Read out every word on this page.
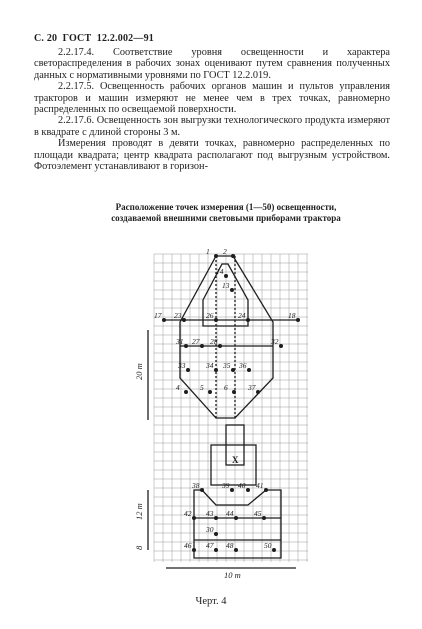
С. 20 ГОСТ 12.2.002—91

2.2.17.4. Соответствие уровня освещенности и характера светораспределения в рабочих зонах оценивают путем сравнения полученных данных с нормативными уровнями по ГОСТ 12.2.019.

2.2.17.5. Освещенность рабочих органов машин и пультов управления тракторов и машин измеряют не менее чем в трех точках, равномерно распределенных по освещаемой поверхности.

2.2.17.6. Освещенность зон выгрузки технологического продукта измеряют в квадрате с длиной стороны 3 м.

Измерения проводят в девяти точках, равномерно распределенных по площади квадрата; центр квадрата располагают под выгрузным устройством. Фотоэлемент устанавливают в горизон-

Расположение точек измерения (1—50) освещенности, создаваемой внешними световыми приборами трактора
1 2
14
13
17 23	26	24	18
31 27 28	32
33	34 35 36
4	5	6	37
38	39 40 41
42 43 44	45
46 47 48	50
30
20 m
12 m
8
10 m
X
Черт. 4
